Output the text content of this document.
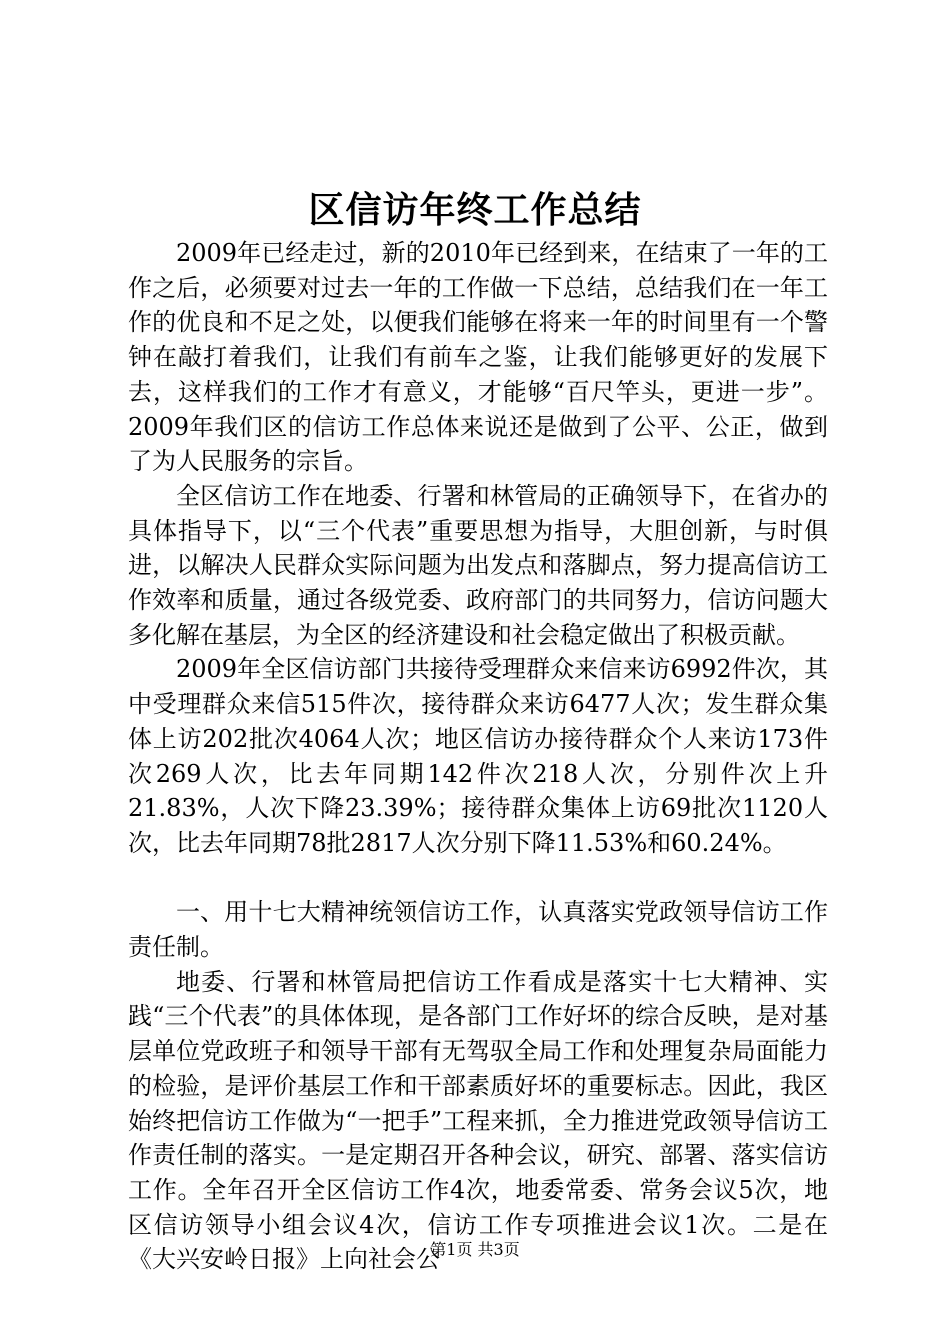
区信访年终工作总结

2009年已经走过，新的2010年已经到来，在结束了一年的工作之后，必须要对过去一年的工作做一下总结，总结我们在一年工作的优良和不足之处，以便我们能够在将来一年的时间里有一个警钟在敲打着我们，让我们有前车之鉴，让我们能够更好的发展下去，这样我们的工作才有意义，才能够“百尺竿头，更进一步”。2009年我们区的信访工作总体来说还是做到了公平、公正，做到了为人民服务的宗旨。

全区信访工作在地委、行署和林管局的正确领导下，在省办的具体指导下，以“三个代表”重要思想为指导，大胆创新，与时俱进，以解决人民群众实际问题为出发点和落脚点，努力提高信访工作效率和质量，通过各级党委、政府部门的共同努力，信访问题大多化解在基层，为全区的经济建设和社会稳定做出了积极贡献。

2009年全区信访部门共接待受理群众来信来访6992件次，其中受理群众来信515件次，接待群众来访6477人次；发生群众集体上访202批次4064人次；地区信访办接待群众个人来访173件次269人次，比去年同期142件次218人次，分别件次上升21.83%，人次下降23.39%；接待群众集体上访69批次1120人次，比去年同期78批2817人次分别下降11.53%和60.24%。

一、用十七大精神统领信访工作，认真落实党政领导信访工作责任制。

地委、行署和林管局把信访工作看成是落实十七大精神、实践“三个代表”的具体体现，是各部门工作好坏的综合反映，是对基层单位党政班子和领导干部有无驾驭全局工作和处理复杂局面能力的检验，是评价基层工作和干部素质好坏的重要标志。因此，我区始终把信访工作做为“一把手”工程来抓，全力推进党政领导信访工作责任制的落实。一是定期召开各种会议，研究、部署、落实信访工作。全年召开全区信访工作4次，地委常委、常务会议5次，地区信访领导小组会议4次，信访工作专项推进会议1次。二是在《大兴安岭日报》上向社会公

第1页 共3页
